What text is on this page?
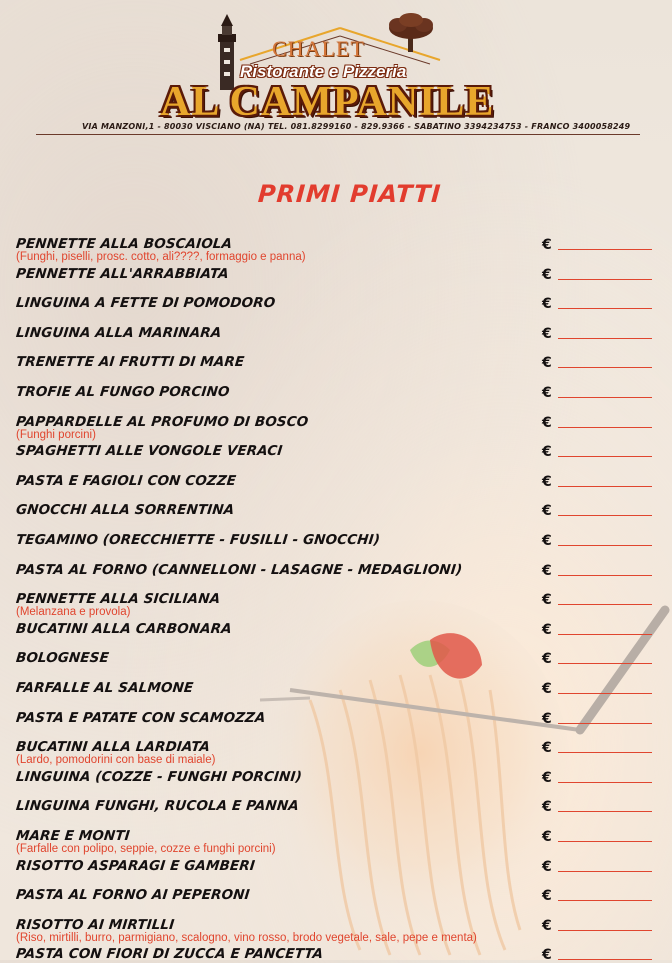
CHALET
Ristorante e Pizzeria
AL CAMPANILE
VIA MANZONI,1 - 80030 VISCIANO (NA) TEL. 081.8299160 - 829.9366 - SABATINO 3394234753 - FRANCO 3400058249
PRIMI PIATTI
PENNETTE ALLA BOSCAIOLA
(Funghi, piselli, prosc. cotto, ali????, formaggio e panna)
€
PENNETTE ALL'ARRABBIATA	€
LINGUINA A FETTE DI POMODORO	€
LINGUINA ALLA MARINARA	€
TRENETTE AI FRUTTI DI MARE	€
TROFIE AL FUNGO PORCINO	€
PAPPARDELLE AL PROFUMO DI BOSCO
(Funghi porcini)
€
SPAGHETTI ALLE VONGOLE VERACI	€
PASTA E FAGIOLI CON COZZE	€
GNOCCHI ALLA SORRENTINA	€
TEGAMINO (ORECCHIETTE - FUSILLI - GNOCCHI)	€
PASTA AL FORNO (CANNELLONI - LASAGNE - MEDAGLIONI)	€
PENNETTE ALLA SICILIANA
(Melanzana e provola)
€
BUCATINI ALLA CARBONARA	€
BOLOGNESE	€
FARFALLE AL SALMONE	€
PASTA E PATATE CON SCAMOZZA	€
BUCATINI ALLA LARDIATA
(Lardo, pomodorini con base di maiale)
€
LINGUINA (COZZE - FUNGHI PORCINI)	€
LINGUINA FUNGHI, RUCOLA E PANNA	€
MARE E MONTI
(Farfalle con polipo, seppie, cozze e funghi porcini)
€
RISOTTO ASPARAGI E GAMBERI	€
PASTA AL FORNO AI PEPERONI	€
RISOTTO AI MIRTILLI
(Riso, mirtilli, burro, parmigiano, scalogno, vino rosso, brodo vegetale, sale, pepe e menta)
€
PASTA CON FIORI DI ZUCCA E PANCETTA	€
